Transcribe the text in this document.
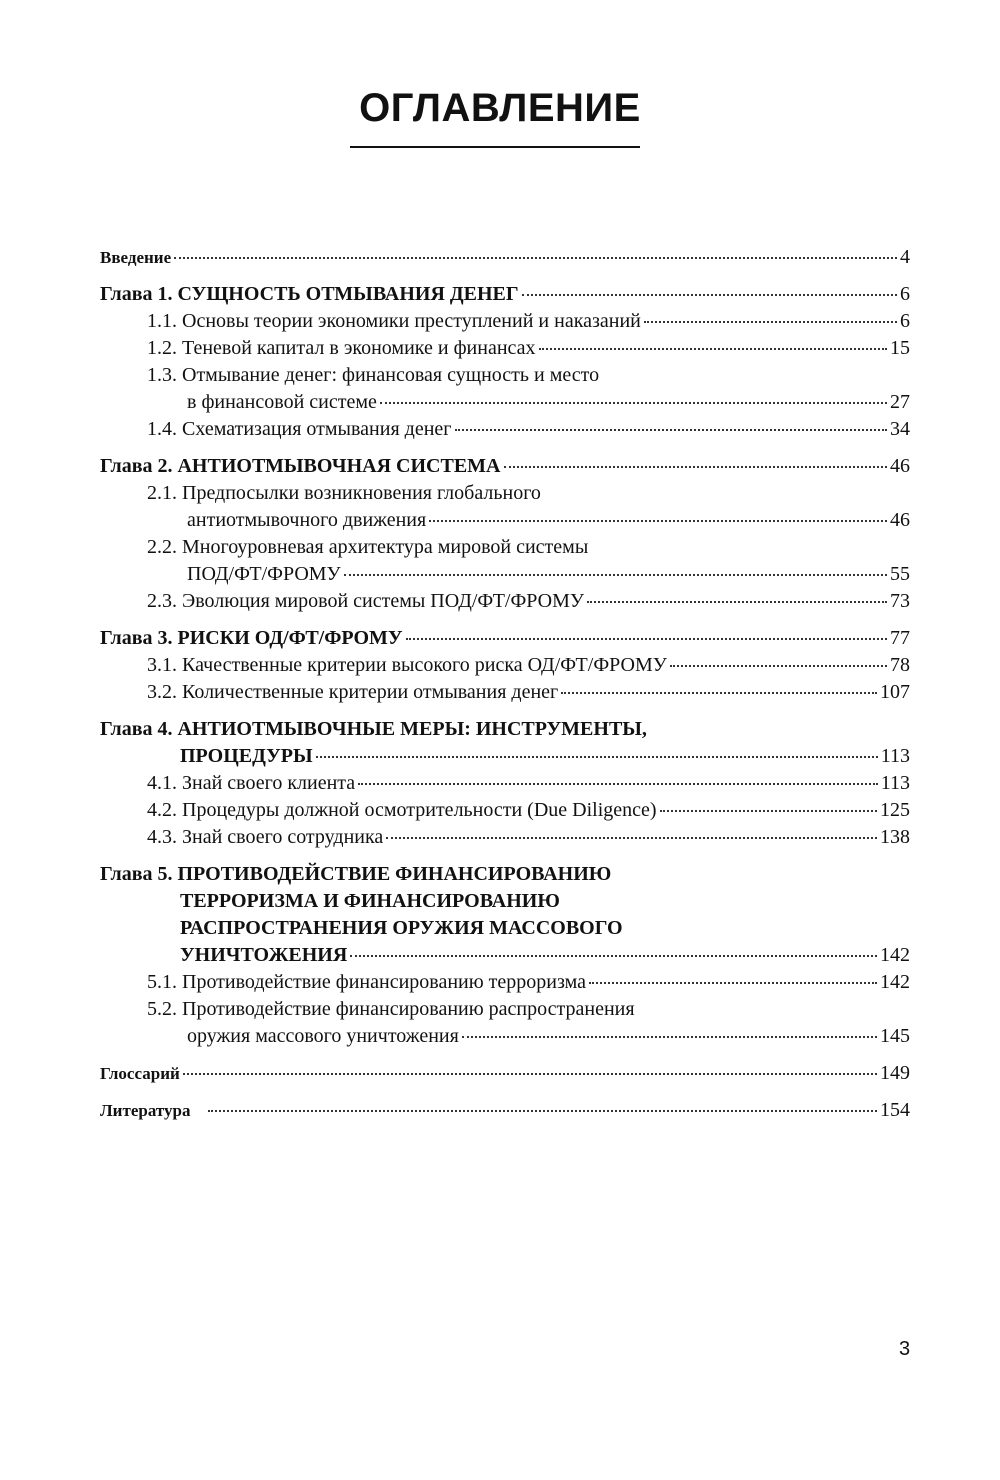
ОГЛАВЛЕНИЕ
Введение	4
Глава 1. СУЩНОСТЬ ОТМЫВАНИЯ ДЕНЕГ	6
1.1. Основы теории экономики преступлений и наказаний	6
1.2. Теневой капитал в экономике и финансах	15
1.3. Отмывание денег: финансовая сущность и место
в финансовой системе	27
1.4. Схематизация отмывания денег	34
Глава 2. АНТИОТМЫВОЧНАЯ СИСТЕМА	46
2.1. Предпосылки возникновения глобального
антиотмывочного движения	46
2.2. Многоуровневая архитектура мировой системы
ПОД/ФТ/ФРОМУ	55
2.3. Эволюция мировой системы ПОД/ФТ/ФРОМУ	73
Глава 3. РИСКИ ОД/ФТ/ФРОМУ	77
3.1. Качественные критерии высокого риска ОД/ФТ/ФРОМУ	78
3.2. Количественные критерии отмывания денег	107
Глава 4. АНТИОТМЫВОЧНЫЕ МЕРЫ: ИНСТРУМЕНТЫ,
ПРОЦЕДУРЫ	113
4.1. Знай своего клиента	113
4.2. Процедуры должной осмотрительности (Due Diligence)	125
4.3. Знай своего сотрудника	138
Глава 5. ПРОТИВОДЕЙСТВИЕ ФИНАНСИРОВАНИЮ
ТЕРРОРИЗМА И ФИНАНСИРОВАНИЮ
РАСПРОСТРАНЕНИЯ ОРУЖИЯ МАССОВОГО
УНИЧТОЖЕНИЯ	142
5.1. Противодействие финансированию терроризма	142
5.2. Противодействие финансированию распространения
оружия массового уничтожения	145
Глоссарий	149
Литература	154
3
